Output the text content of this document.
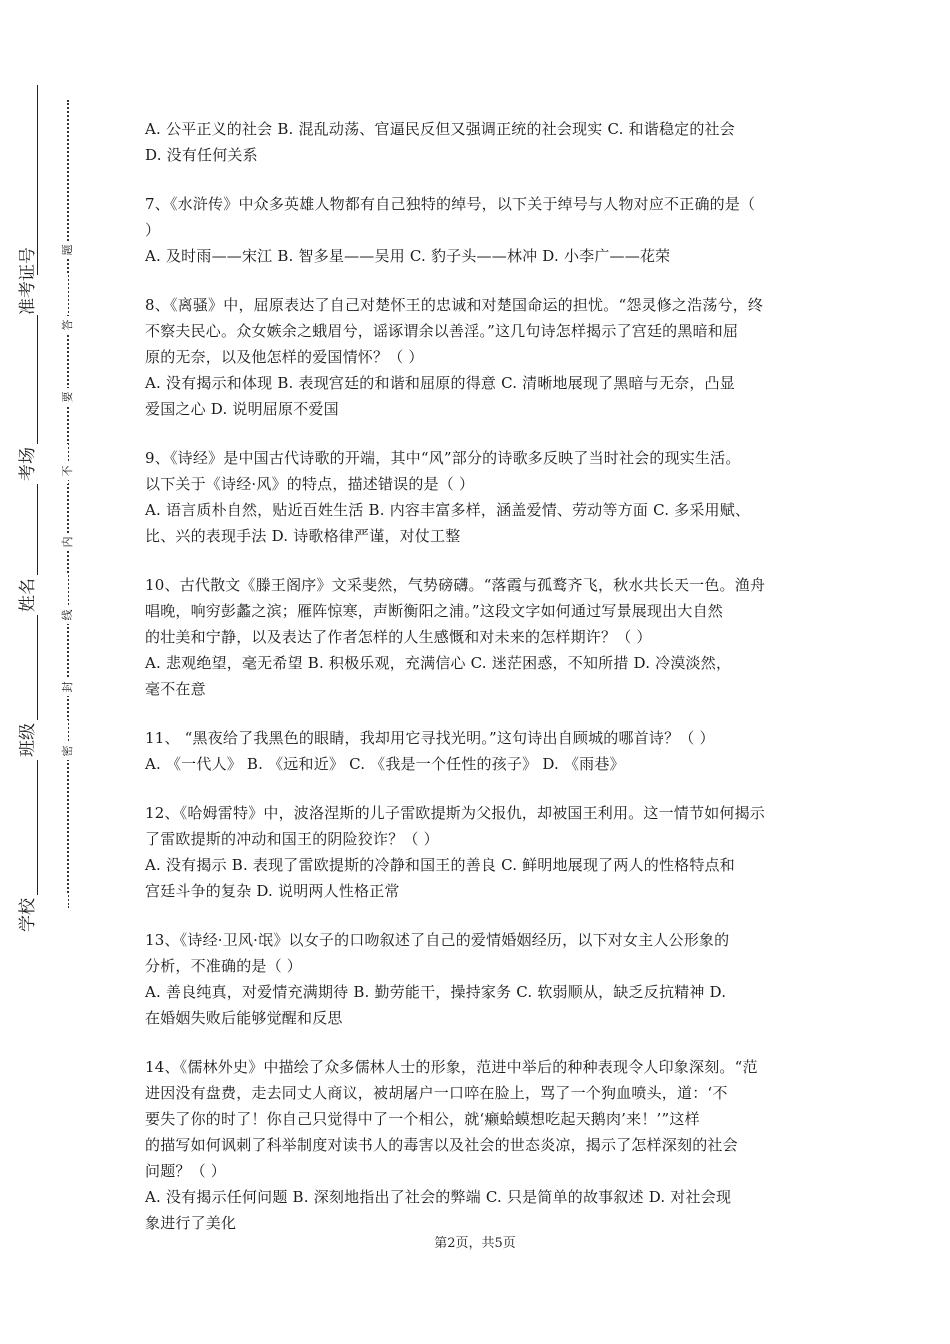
学校
班级
姓名
考场
准考证号	题
答
要
不
内
线
封
密

A. 公平正义的社会 B. 混乱动荡、官逼民反但又强调正统的社会现实 C. 和谐稳定的社会

D. 没有任何关系

7、《水浒传》中众多英雄人物都有自己独特的绰号，以下关于绰号与人物对应不正确的是（

）

A. 及时雨——宋江 B. 智多星——吴用 C. 豹子头——林冲 D. 小李广——花荣

8、《离骚》中，屈原表达了自己对楚怀王的忠诚和对楚国命运的担忧。“怨灵修之浩荡兮，终

不察夫民心。众女嫉余之蛾眉兮，谣诼谓余以善淫。”这几句诗怎样揭示了宫廷的黑暗和屈

原的无奈，以及他怎样的爱国情怀？（ ）

A. 没有揭示和体现 B. 表现宫廷的和谐和屈原的得意 C. 清晰地展现了黑暗与无奈，凸显

爱国之心 D. 说明屈原不爱国

9、《诗经》是中国古代诗歌的开端，其中“风”部分的诗歌多反映了当时社会的现实生活。

以下关于《诗经·风》的特点，描述错误的是（ ）

A. 语言质朴自然，贴近百姓生活 B. 内容丰富多样，涵盖爱情、劳动等方面 C. 多采用赋、

比、兴的表现手法 D. 诗歌格律严谨，对仗工整

10、古代散文《滕王阁序》文采斐然，气势磅礴。“落霞与孤鹜齐飞，秋水共长天一色。渔舟

唱晚，响穷彭蠡之滨；雁阵惊寒，声断衡阳之浦。”这段文字如何通过写景展现出大自然

的壮美和宁静，以及表达了作者怎样的人生感慨和对未来的怎样期许？（ ）

A. 悲观绝望，毫无希望 B. 积极乐观，充满信心 C. 迷茫困惑，不知所措 D. 冷漠淡然，

毫不在意

11、 “黑夜给了我黑色的眼睛，我却用它寻找光明。”这句诗出自顾城的哪首诗？（ ）

A. 《一代人》 B. 《远和近》 C. 《我是一个任性的孩子》 D. 《雨巷》

12、《哈姆雷特》中，波洛涅斯的儿子雷欧提斯为父报仇，却被国王利用。这一情节如何揭示

了雷欧提斯的冲动和国王的阴险狡诈？（ ）

A. 没有揭示 B. 表现了雷欧提斯的冷静和国王的善良 C. 鲜明地展现了两人的性格特点和

宫廷斗争的复杂 D. 说明两人性格正常

13、《诗经·卫风·氓》以女子的口吻叙述了自己的爱情婚姻经历，以下对女主人公形象的

分析，不准确的是（ ）

A. 善良纯真，对爱情充满期待 B. 勤劳能干，操持家务 C. 软弱顺从，缺乏反抗精神 D.

在婚姻失败后能够觉醒和反思

14、《儒林外史》中描绘了众多儒林人士的形象，范进中举后的种种表现令人印象深刻。“范

进因没有盘费，走去同丈人商议，被胡屠户一口啐在脸上，骂了一个狗血喷头，道：‘不

要失了你的时了！你自己只觉得中了一个相公，就‘癞蛤蟆想吃起天鹅肉’来！’”这样

的描写如何讽刺了科举制度对读书人的毒害以及社会的世态炎凉，揭示了怎样深刻的社会

问题？（ ）

A. 没有揭示任何问题 B. 深刻地指出了社会的弊端 C. 只是简单的故事叙述 D. 对社会现

象进行了美化

第2页，共5页
